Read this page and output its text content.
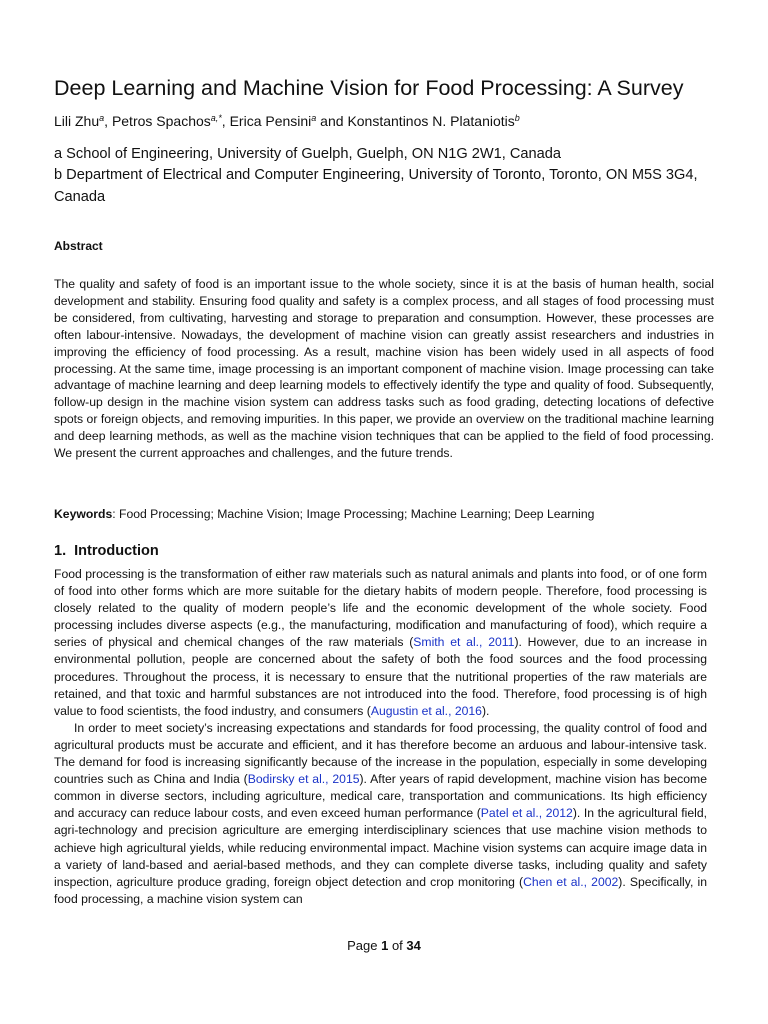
Deep Learning and Machine Vision for Food Processing: A Survey
Lili Zhu$^a$, Petros Spachos$^{a,*}$, Erica Pensini$^a$ and Konstantinos N. Plataniotis$^b$
a School of Engineering, University of Guelph, Guelph, ON N1G 2W1, Canada
b Department of Electrical and Computer Engineering, University of Toronto, Toronto, ON M5S 3G4, Canada
Abstract
The quality and safety of food is an important issue to the whole society, since it is at the basis of human health, social development and stability. Ensuring food quality and safety is a complex process, and all stages of food processing must be considered, from cultivating, harvesting and storage to preparation and consumption. However, these processes are often labour-intensive. Nowadays, the development of machine vision can greatly assist researchers and industries in improving the efficiency of food processing. As a result, machine vision has been widely used in all aspects of food processing. At the same time, image processing is an important component of machine vision. Image processing can take advantage of machine learning and deep learning models to effectively identify the type and quality of food. Subsequently, follow-up design in the machine vision system can address tasks such as food grading, detecting locations of defective spots or foreign objects, and removing impurities. In this paper, we provide an overview on the traditional machine learning and deep learning methods, as well as the machine vision techniques that can be applied to the field of food processing. We present the current approaches and challenges, and the future trends.
Keywords: Food Processing; Machine Vision; Image Processing; Machine Learning; Deep Learning
1. Introduction

Food processing is the transformation of either raw materials such as natural animals and plants into food, or of one form of food into other forms which are more suitable for the dietary habits of modern people. Therefore, food processing is closely related to the quality of modern people’s life and the economic development of the whole society. Food processing includes diverse aspects (e.g., the manufacturing, modification and manufacturing of food), which require a series of physical and chemical changes of the raw materials (Smith et al., 2011). However, due to an increase in environmental pollution, people are concerned about the safety of both the food sources and the food processing procedures. Throughout the process, it is necessary to ensure that the nutritional properties of the raw materials are retained, and that toxic and harmful substances are not introduced into the food. Therefore, food processing is of high value to food scientists, the food industry, and consumers (Augustin et al., 2016).

In order to meet society’s increasing expectations and standards for food processing, the quality control of food and agricultural products must be accurate and efficient, and it has therefore become an arduous and labour-intensive task. The demand for food is increasing significantly because of the increase in the population, especially in some developing countries such as China and India (Bodirsky et al., 2015). After years of rapid development, machine vision has become common in diverse sectors, including agriculture, medical care, transportation and communications. Its high efficiency and accuracy can reduce labour costs, and even exceed human performance (Patel et al., 2012). In the agricultural field, agri-technology and precision agriculture are emerging interdisciplinary sciences that use machine vision methods to achieve high agricultural yields, while reducing environmental impact. Machine vision systems can acquire image data in a variety of land-based and aerial-based methods, and they can complete diverse tasks, including quality and safety inspection, agriculture produce grading, foreign object detection and crop monitoring (Chen et al., 2002). Specifically, in food processing, a machine vision system can

Page 1 of 34
